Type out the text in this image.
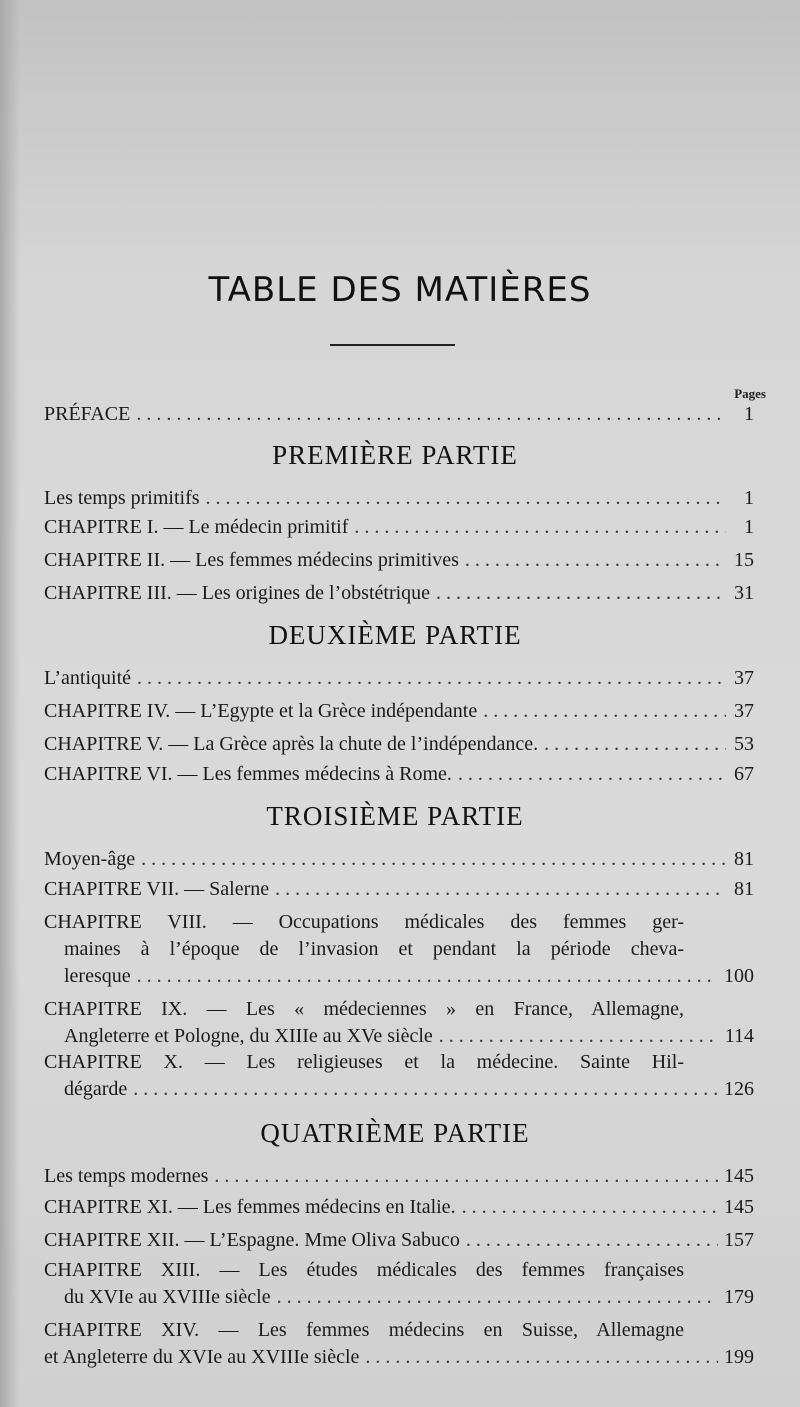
TABLE DES MATIÈRES
Pages
PRÉFACE . . .	1
PREMIÈRE PARTIE
Les temps primitifs . . .	1
CHAPITRE I. — Le médecin primitif . . .	1
CHAPITRE II. — Les femmes médecins primitives . . .	15
CHAPITRE III. — Les origines de l’obstétrique . . .	31
DEUXIÈME PARTIE
L’antiquité . . .	37
CHAPITRE IV. — L’Egypte et la Grèce indépendante . . .	37
CHAPITRE V. — La Grèce après la chute de l’indépendance. . . .	53
CHAPITRE VI. — Les femmes médecins à Rome. . . .	67
TROISIÈME PARTIE
Moyen-âge . . .	81
CHAPITRE VII. — Salerne . . .	81
CHAPITRE VIII. — Occupations médicales des femmes ger-
maines à l’époque de l’invasion et pendant la période cheva-
leresque . . .	100
CHAPITRE IX. — Les « médeciennes » en France, Allemagne,
Angleterre et Pologne, du XIIIe au XVe siècle . . .	114
CHAPITRE X. — Les religieuses et la médecine. Sainte Hil-
dégarde . . .	126
QUATRIÈME PARTIE
Les temps modernes . . .	145
CHAPITRE XI. — Les femmes médecins en Italie. . . .	145
CHAPITRE XII. — L’Espagne. Mme Oliva Sabuco . . .	157
CHAPITRE XIII. — Les études médicales des femmes françaises
du XVIe au XVIIIe siècle . . .	179
CHAPITRE XIV. — Les femmes médecins en Suisse, Allemagne
et Angleterre du XVIe au XVIIIe siècle . . .	199
